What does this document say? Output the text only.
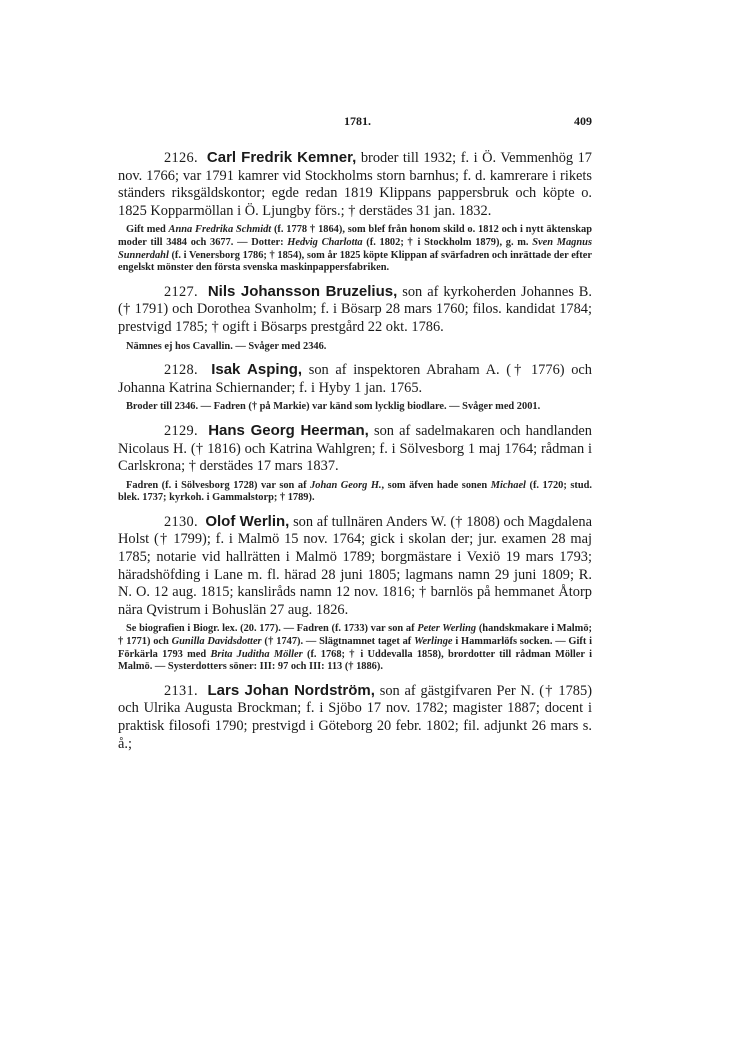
1781.	409

2126. Carl Fredrik Kemner, broder till 1932; f. i Ö. Vemmenhög 17 nov. 1766; var 1791 kamrer vid Stockholms storn barnhus; f. d. kamrerare i rikets ständers riksgäldskontor; egde redan 1819 Klippans pappersbruk och köpte o. 1825 Kopparmöllan i Ö. Ljungby förs.; † derstädes 31 jan. 1832.

Gift med Anna Fredrika Schmidt (f. 1778 † 1864), som blef från honom skild o. 1812 och i nytt äktenskap moder till 3484 och 3677. — Dotter: Hedvig Charlotta (f. 1802; † i Stockholm 1879), g. m. Sven Magnus Sunnerdahl (f. i Venersborg 1786; † 1854), som år 1825 köpte Klippan af svärfadren och inrättade der efter engelskt mönster den första svenska maskinpappersfabriken.

2127. Nils Johansson Bruzelius, son af kyrkoherden Johannes B. († 1791) och Dorothea Svanholm; f. i Bösarp 28 mars 1760; filos. kandidat 1784; prestvigd 1785; † ogift i Bösarps prestgård 22 okt. 1786.

Nämnes ej hos Cavallin. — Svåger med 2346.

2128. Isak Asping, son af inspektoren Abraham A. († 1776) och Johanna Katrina Schiernander; f. i Hyby 1 jan. 1765.

Broder till 2346. — Fadren († på Markie) var känd som lycklig biodlare. — Svåger med 2001.

2129. Hans Georg Heerman, son af sadelmakaren och handlanden Nicolaus H. († 1816) och Katrina Wahlgren; f. i Sölvesborg 1 maj 1764; rådman i Carlskrona; † derstädes 17 mars 1837.

Fadren (f. i Sölvesborg 1728) var son af Johan Georg H., som äfven hade sonen Michael (f. 1720; stud. blek. 1737; kyrkoh. i Gammalstorp; † 1789).

2130. Olof Werlin, son af tullnären Anders W. († 1808) och Magdalena Holst († 1799); f. i Malmö 15 nov. 1764; gick i skolan der; jur. examen 28 maj 1785; notarie vid hallrätten i Malmö 1789; borgmästare i Vexiö 19 mars 1793; häradshöfding i Lane m. fl. härad 28 juni 1805; lagmans namn 29 juni 1809; R. N. O. 12 aug. 1815; kansliråds namn 12 nov. 1816; † barnlös på hemmanet Åtorp nära Qvistrum i Bohuslän 27 aug. 1826.

Se biografien i Biogr. lex. (20. 177). — Fadren (f. 1733) var son af Peter Werling (handskmakare i Malmö; † 1771) och Gunilla Davidsdotter († 1747). — Slägtnamnet taget af Werlinge i Hammarlöfs socken. — Gift i Förkärla 1793 med Brita Juditha Möller (f. 1768; † i Uddevalla 1858), brordotter till rådman Möller i Malmö. — Systerdotters söner: III: 97 och III: 113 († 1886).

2131. Lars Johan Nordström, son af gästgifvaren Per N. († 1785) och Ulrika Augusta Brockman; f. i Sjöbo 17 nov. 1782; magister 1887; docent i praktisk filosofi 1790; prestvigd i Göteborg 20 febr. 1802; fil. adjunkt 26 mars s. å.;
